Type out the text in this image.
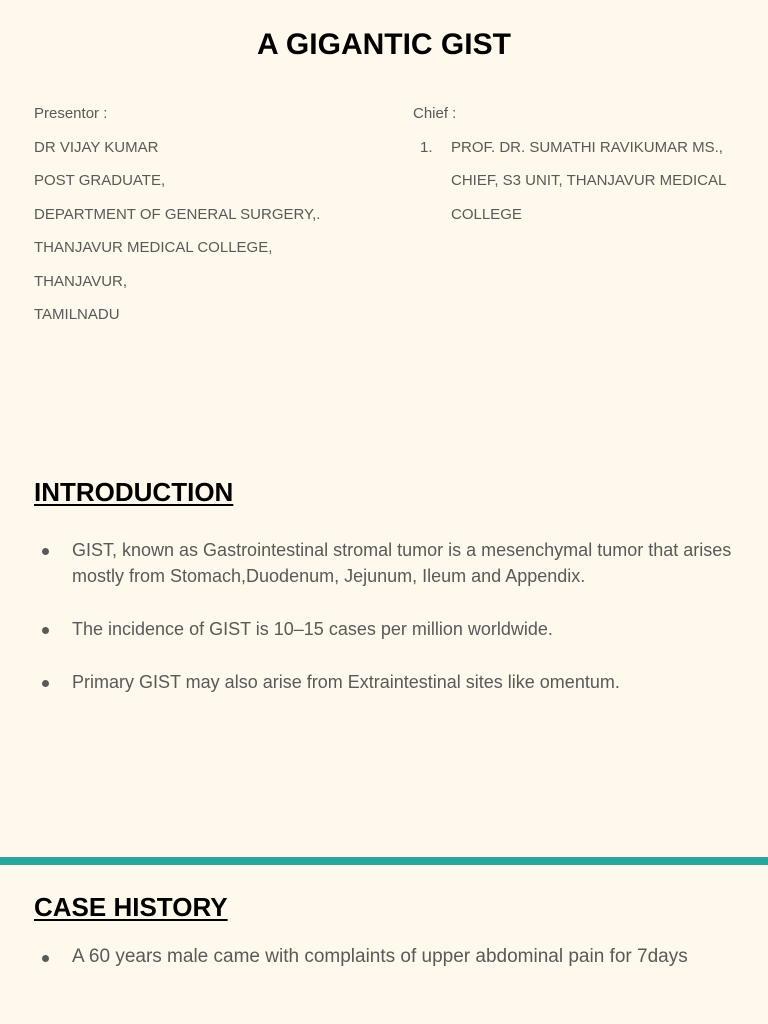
A GIGANTIC GIST
Presentor :
DR VIJAY KUMAR
POST GRADUATE,
DEPARTMENT OF GENERAL SURGERY,.
THANJAVUR MEDICAL COLLEGE,
THANJAVUR,
TAMILNADU
Chief :
1. PROF. DR. SUMATHI RAVIKUMAR MS.,
CHIEF, S3 UNIT, THANJAVUR MEDICAL
COLLEGE
INTRODUCTION
GIST, known as Gastrointestinal stromal tumor is a mesenchymal tumor that arises mostly from Stomach,Duodenum, Jejunum, Ileum and Appendix.
The incidence of GIST is 10–15 cases per million worldwide.
Primary GIST may also arise from Extraintestinal sites like omentum.
CASE HISTORY
A 60 years male came with complaints of upper abdominal pain for 7days
